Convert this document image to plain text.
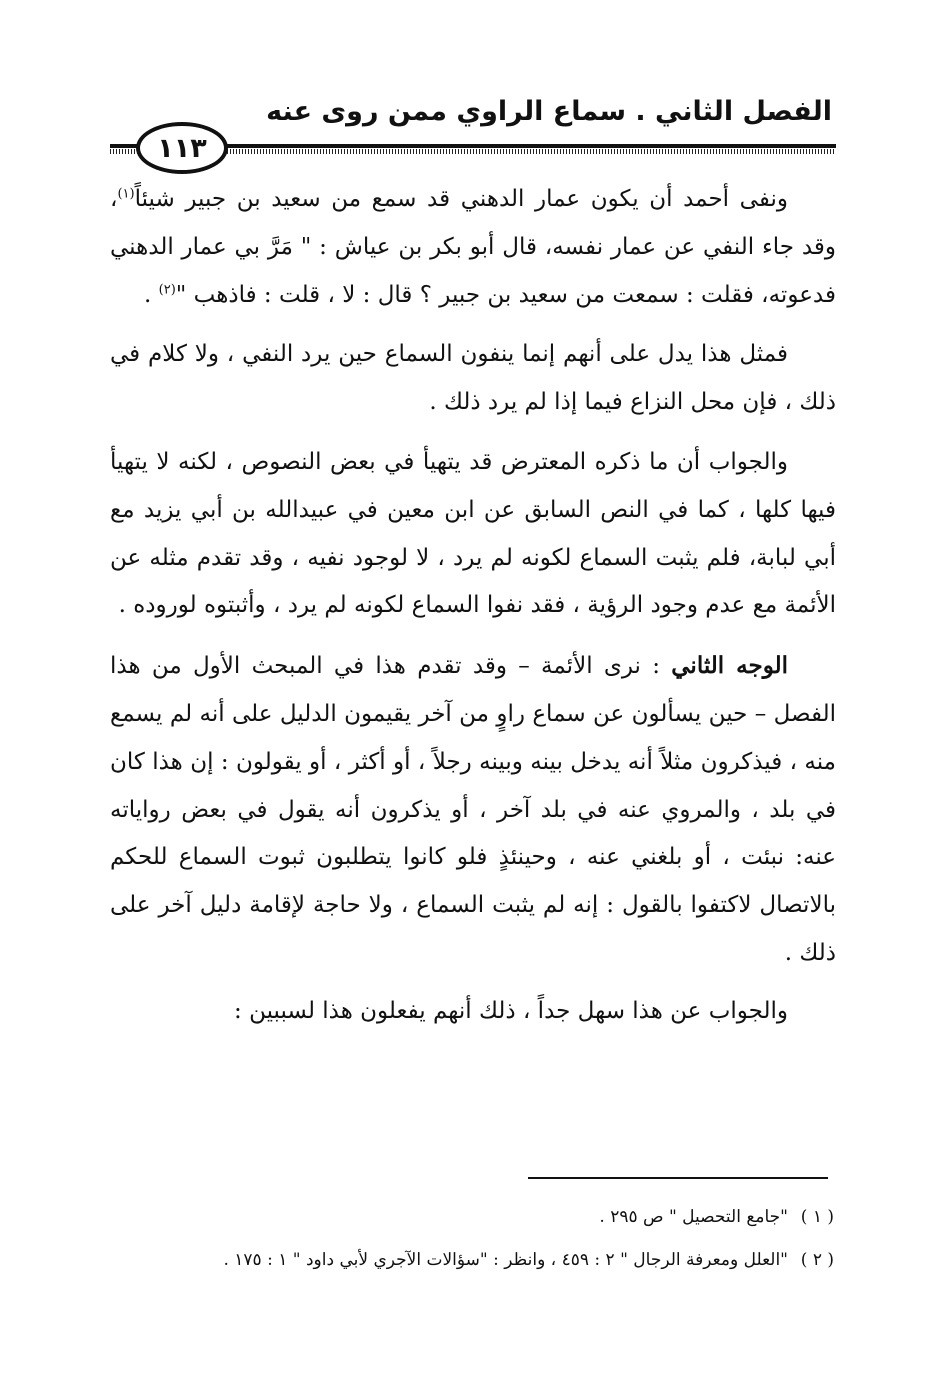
الفصل الثاني . سماع الراوي ممن روى عنه
١١٣

ونفى أحمد أن يكون عمار الدهني قد سمع من سعيد بن جبير شيئاً$^{(١)}$، وقد جاء النفي عن عمار نفسه، قال أبو بكر بن عياش : " مَرَّ بي عمار الدهني فدعوته، فقلت : سمعت من سعيد بن جبير ؟ قال : لا ، قلت : فاذهب "$^{(٢)}$ .

فمثل هذا يدل على أنهم إنما ينفون السماع حين يرد النفي ، ولا كلام في ذلك ، فإن محل النزاع فيما إذا لم يرد ذلك .

والجواب أن ما ذكره المعترض قد يتهيأ في بعض النصوص ، لكنه لا يتهيأ فيها كلها ، كما في النص السابق عن ابن معين في عبيدالله بن أبي يزيد مع أبي لبابة، فلم يثبت السماع لكونه لم يرد ، لا لوجود نفيه ، وقد تقدم مثله عن الأئمة مع عدم وجود الرؤية ، فقد نفوا السماع لكونه لم يرد ، وأثبتوه لوروده .

الوجه الثاني : نرى الأئمة – وقد تقدم هذا في المبحث الأول من هذا الفصل – حين يسألون عن سماع راوٍ من آخر يقيمون الدليل على أنه لم يسمع منه ، فيذكرون مثلاً أنه يدخل بينه وبينه رجلاً ، أو أكثر ، أو يقولون : إن هذا كان في بلد ، والمروي عنه في بلد آخر ، أو يذكرون أنه يقول في بعض رواياته عنه: نبئت ، أو بلغني عنه ، وحينئذٍ فلو كانوا يتطلبون ثبوت السماع للحكم بالاتصال لاكتفوا بالقول : إنه لم يثبت السماع ، ولا حاجة لإقامة دليل آخر على ذلك .

والجواب عن هذا سهل جداً ، ذلك أنهم يفعلون هذا لسببين :

( ١ )"جامع التحصيل " ص ٢٩٥ .
( ٢ )"العلل ومعرفة الرجال " ٢ : ٤٥٩ ، وانظر : "سؤالات الآجري لأبي داود " ١ : ١٧٥ .
